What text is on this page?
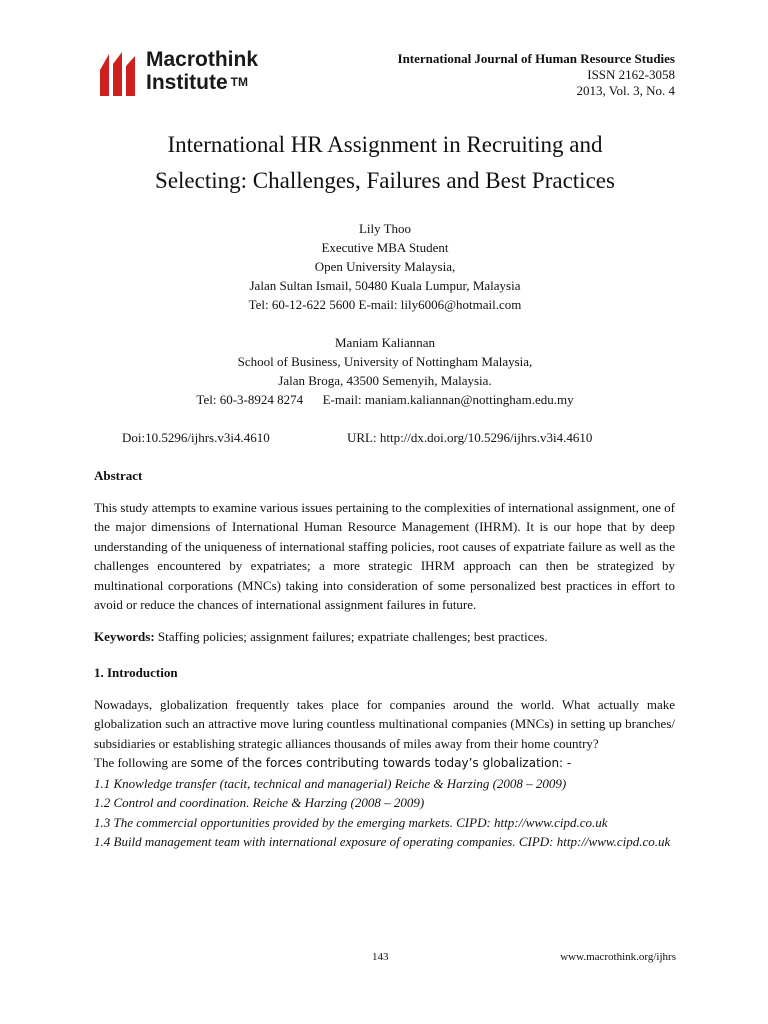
Macrothink
Institute ™
International Journal of Human Resource Studies
ISSN 2162-3058
2013, Vol. 3, No. 4
International HR Assignment in Recruiting and
Selecting: Challenges, Failures and Best Practices
Lily Thoo
Executive MBA Student
Open University Malaysia,
Jalan Sultan Ismail, 50480 Kuala Lumpur, Malaysia
Tel: 60-12-622 5600 E-mail: lily6006@hotmail.com
Maniam Kaliannan
School of Business, University of Nottingham Malaysia,
Jalan Broga, 43500 Semenyih, Malaysia.
Tel: 60-3-8924 8274      E-mail: maniam.kaliannan@nottingham.edu.my
Doi:10.5296/ijhrs.v3i4.4610	URL: http://dx.doi.org/10.5296/ijhrs.v3i4.4610

Abstract

This study attempts to examine various issues pertaining to the complexities of international assignment, one of the major dimensions of International Human Resource Management (IHRM). It is our hope that by deep understanding of the uniqueness of international staffing policies, root causes of expatriate failure as well as the challenges encountered by expatriates; a more strategic IHRM approach can then be strategized by multinational corporations (MNCs) taking into consideration of some personalized best practices in effort to avoid or reduce the chances of international assignment failures in future.

Keywords: Staffing policies; assignment failures; expatriate challenges; best practices.

1. Introduction

Nowadays, globalization frequently takes place for companies around the world. What actually make globalization such an attractive move luring countless multinational companies (MNCs) in setting up branches/ subsidiaries or establishing strategic alliances thousands of miles away from their home country?

The following are some of the forces contributing towards today’s globalization: -

1.1 Knowledge transfer (tacit, technical and managerial) Reiche & Harzing (2008 – 2009)

1.2 Control and coordination. Reiche & Harzing (2008 – 2009)

1.3 The commercial opportunities provided by the emerging markets. CIPD: http://www.cipd.co.uk

1.4 Build management team with international exposure of operating companies. CIPD: http://www.cipd.co.uk

143	www.macrothink.org/ijhrs
